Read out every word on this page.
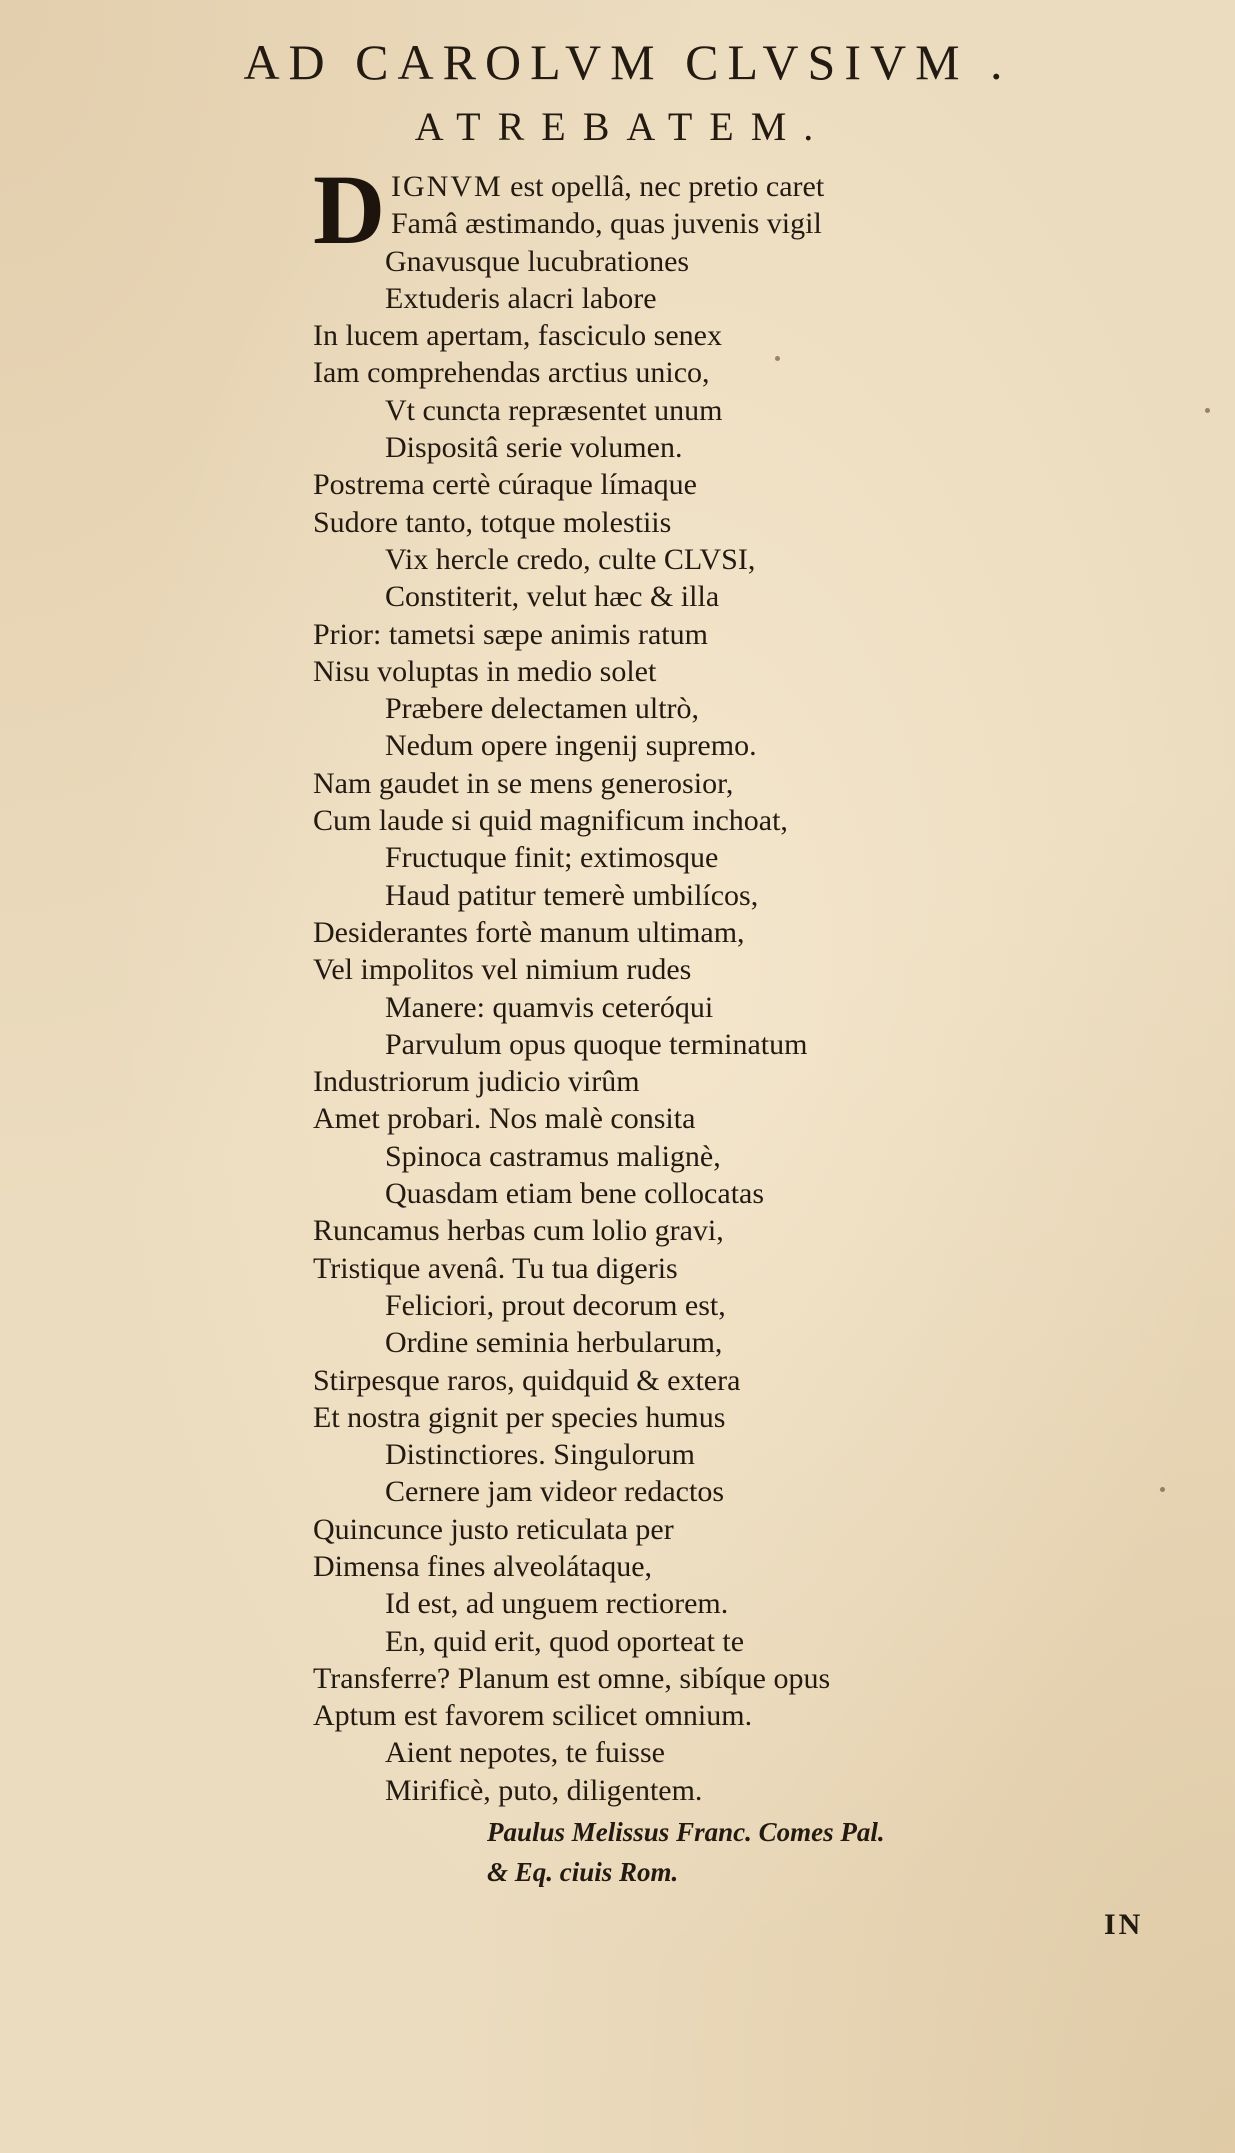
AD CAROLVM CLVSIVM .
ATREBATEM.
D IGNVM est opellâ, nec pretio caret
Famâ æstimando, quas juvenis vigil
Gnavusque lucubrationes
Extuderis alacri labore
In lucem apertam, fasciculo senex
Iam comprehendas arctius unico,
Vt cuncta repræsentet unum
Dispositâ serie volumen.
Postrema certè cúraque límaque
Sudore tanto, totque molestiis
Vix hercle credo, culte CLVSI,
Constiterit, velut hæc & illa
Prior: tametsi sæpe animis ratum
Nisu voluptas in medio solet
Præbere delectamen ultrò,
Nedum opere ingenij supremo.
Nam gaudet in se mens generosior,
Cum laude si quid magnificum inchoat,
Fructuque finit; extimosque
Haud patitur temerè umbilícos,
Desiderantes fortè manum ultimam,
Vel impolitos vel nimium rudes
Manere: quamvis ceteróqui
Parvulum opus quoque terminatum
Industriorum judicio virûm
Amet probari. Nos malè consita
Spinoca castramus malignè,
Quasdam etiam bene collocatas
Runcamus herbas cum lolio gravi,
Tristique avenâ. Tu tua digeris
Feliciori, prout decorum est,
Ordine seminia herbularum,
Stirpesque raros, quidquid & extera
Et nostra gignit per species humus
Distinctiores. Singulorum
Cernere jam videor redactos
Quincunce justo reticulata per
Dimensa fines alveolátaque,
Id est, ad unguem rectiorem.
En, quid erit, quod oporteat te
Transferre? Planum est omne, sibíque opus
Aptum est favorem scilicet omnium.
Aient nepotes, te fuisse
Mirificè, puto, diligentem.
Paulus Melissus Franc. Comes Pal.
& Eq. ciuis Rom.
IN
